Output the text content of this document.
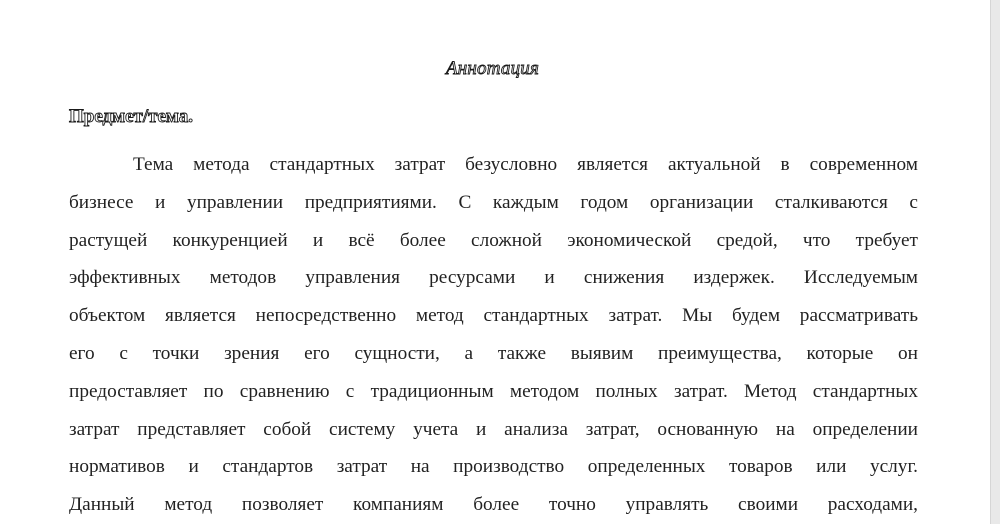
Аннотация
Предмет/тема.
Тема метода стандартных затрат безусловно является актуальной в современном
бизнесе и управлении предприятиями. С каждым годом организации сталкиваются с
растущей конкуренцией и всё более сложной экономической средой, что требует
эффективных методов управления ресурсами и снижения издержек. Исследуемым
объектом является непосредственно метод стандартных затрат. Мы будем рассматривать
его с точки зрения его сущности, а также выявим преимущества, которые он
предоставляет по сравнению с традиционным методом полных затрат. Метод стандартных
затрат представляет собой систему учета и анализа затрат, основанную на определении
нормативов и стандартов затрат на производство определенных товаров или услуг.
Данный метод позволяет компаниям более точно управлять своими расходами,
